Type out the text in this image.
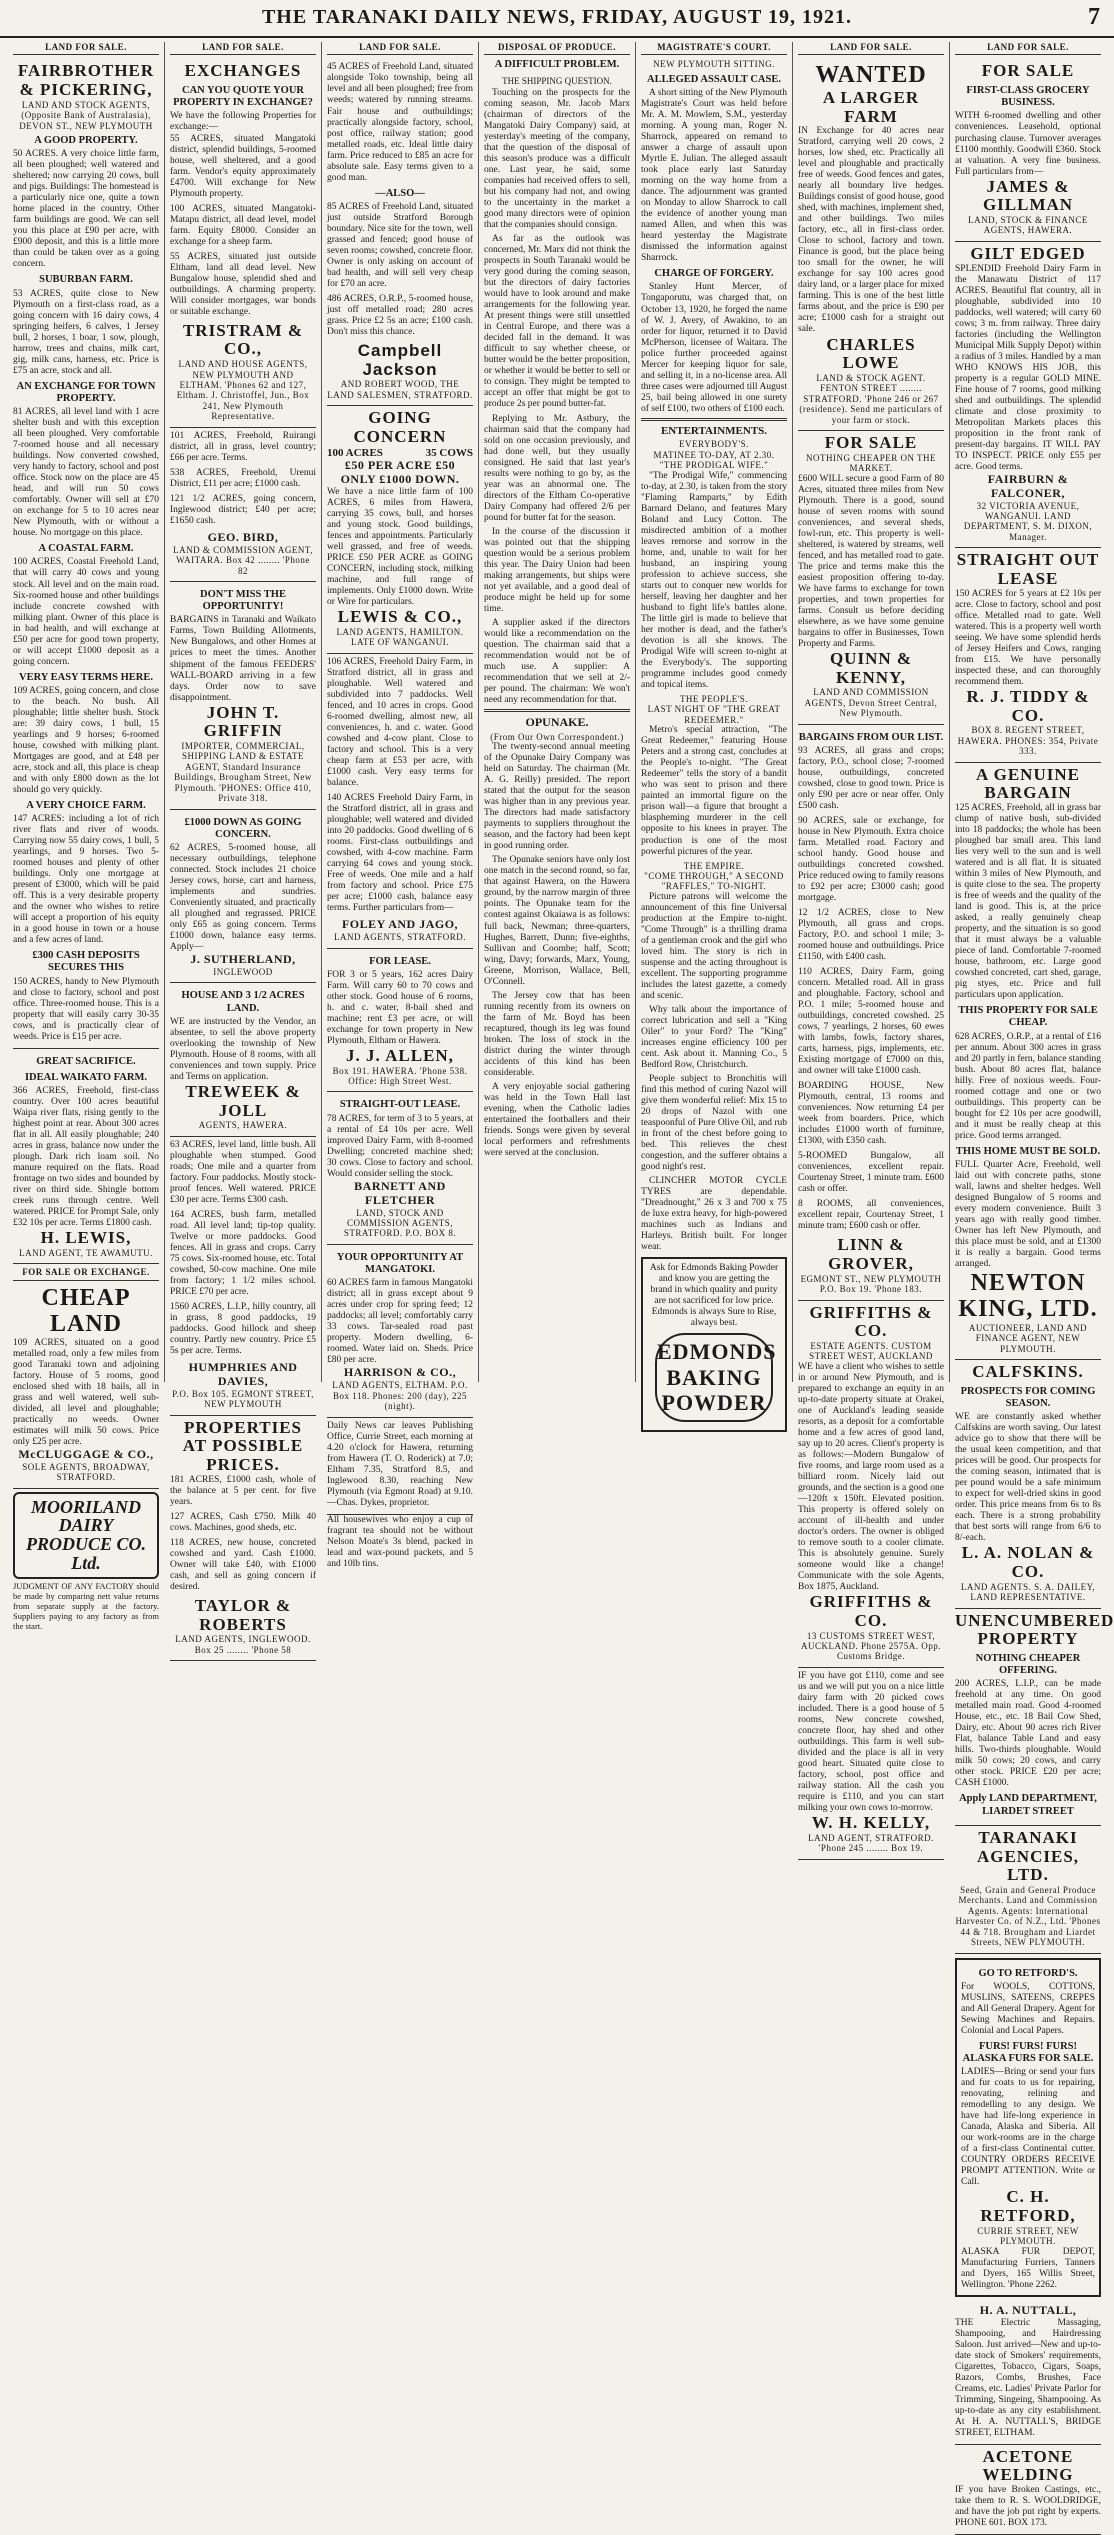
THE TARANAKI DAILY NEWS, FRIDAY, AUGUST 19, 1921.	7
LAND FOR SALE.
FAIRBROTHER & PICKERING,
LAND AND STOCK AGENTS, (Opposite Bank of Australasia), DEVON ST., NEW PLYMOUTH
A GOOD PROPERTY.
50 ACRES. A very choice little farm, all been ploughed; well watered and sheltered; now carrying 20 cows, bull and pigs. Buildings: The homestead is a particularly nice one, quite a town home placed in the country. Other farm buildings are good. We can sell you this place at £90 per acre, with £900 deposit, and this is a little more than could be taken over as a going concern.
SUBURBAN FARM.
53 ACRES, quite close to New Plymouth on a first-class road, as a going concern with 16 dairy cows, 4 springing heifers, 6 calves, 1 Jersey bull, 2 horses, 1 boar, 1 sow, plough, harrow, trees and chains, milk cart, gig, milk cans, harness, etc. Price is £75 an acre, stock and all.
AN EXCHANGE FOR TOWN PROPERTY.
81 ACRES, all level land with 1 acre shelter bush and with this exception all been ploughed. Very comfortable 7-roomed house and all necessary buildings. Now converted cowshed, very handy to factory, school and post office. Stock now on the place are 45 head, and will run 50 cows comfortably. Owner will sell at £70 on exchange for 5 to 10 acres near New Plymouth, with or without a house. No mortgage on this place.
A COASTAL FARM.
100 ACRES, Coastal Freehold Land, that will carry 40 cows and young stock. All level and on the main road. Six-roomed house and other buildings include concrete cowshed with milking plant. Owner of this place is in bad health, and will exchange at £50 per acre for good town property, or will accept £1000 deposit as a going concern.
VERY EASY TERMS HERE.
109 ACRES, going concern, and close to the beach. No bush. All ploughable; little shelter bush. Stock are: 39 dairy cows, 1 bull, 15 yearlings and 9 horses; 6-roomed house, cowshed with milking plant. Mortgages are good, and at £48 per acre, stock and all, this place is cheap and with only £800 down as the lot should go very quickly.
A VERY CHOICE FARM.
147 ACRES: including a lot of rich river flats and river of woods. Carrying now 55 dairy cows, 1 bull, 5 yearlings, and 9 horses. Two 5-roomed houses and plenty of other buildings. Only one mortgage at present of £3000, which will be paid off. This is a very desirable property and the owner who wishes to retire will accept a proportion of his equity in a good house in town or a house and a few acres of land.
£300 CASH DEPOSITS SECURES THIS
150 ACRES, handy to New Plymouth and close to factory, school and post office. Three-roomed house. This is a property that will easily carry 30-35 cows, and is practically clear of weeds. Price is £15 per acre.
GREAT SACRIFICE.
IDEAL WAIKATO FARM.
366 ACRES, Freehold, first-class country. Over 100 acres beautiful Waipa river flats, rising gently to the highest point at rear. About 300 acres flat in all. All easily ploughable; 240 acres in grass, balance now under the plough. Dark rich loam soil. No manure required on the flats. Road frontage on two sides and bounded by river on third side. Shingle bottom creek runs through centre. Well watered. PRICE for Prompt Sale, only £32 10s per acre. Terms £1800 cash.
H. LEWIS,
LAND AGENT, TE AWAMUTU.
FOR SALE OR EXCHANGE.
CHEAP LAND
109 ACRES, situated on a good metalled road, only a few miles from good Taranaki town and adjoining factory. House of 5 rooms, good enclosed shed with 18 bails, all in grass and well watered, well sub-divided, all level and ploughable; practically no weeds. Owner estimates will milk 50 cows. Price only £25 per acre.
McCLUGGAGE & CO.,
SOLE AGENTS, BROADWAY, STRATFORD.
MOORILAND DAIRY
PRODUCE CO. Ltd.
JUDGMENT OF ANY FACTORY should be made by comparing nett value returns from separate supply at the factory. Suppliers paying to any factory as from the start.
LAND FOR SALE.
EXCHANGES
CAN YOU QUOTE YOUR PROPERTY IN EXCHANGE?
We have the following Properties for exchange:—

55 ACRES, situated Mangatoki district, splendid buildings, 5-roomed house, well sheltered, and a good farm. Vendor's equity approximately £4700. Will exchange for New Plymouth property.

100 ACRES, situated Mangatoki-Matapu district, all dead level, model farm. Equity £8000. Consider an exchange for a sheep farm.

55 ACRES, situated just outside Eltham, land all dead level. New Bungalow house, splendid shed and outbuildings. A charming property. Will consider mortgages, war bonds or suitable exchange.

TRISTRAM & CO.,
LAND AND HOUSE AGENTS, NEW PLYMOUTH AND ELTHAM. 'Phones 62 and 127, Eltham. J. Christoffel, Jun., Box 241, New Plymouth Representative.

101 ACRES, Freehold, Ruirangi district, all in grass, level country; £66 per acre. Terms.

538 ACRES, Freehold, Urenui District, £11 per acre; £1000 cash.

121 1/2 ACRES, going concern, Inglewood district; £40 per acre; £1650 cash.

GEO. BIRD,
LAND & COMMISSION AGENT, WAITARA. Box 42 ........ 'Phone 82
DON'T MISS THE OPPORTUNITY!
BARGAINS in Taranaki and Waikato Farms, Town Building Allotments, New Bungalows, and other Homes at prices to meet the times. Another shipment of the famous FEEDERS' WALL-BOARD arriving in a few days. Order now to save disappointment.
JOHN T. GRIFFIN
IMPORTER, COMMERCIAL, SHIPPING LAND & ESTATE AGENT, Standard Insurance Buildings, Brougham Street, New Plymouth. 'PHONES: Office 410, Private 318.
£1000 DOWN AS GOING CONCERN.
62 ACRES, 5-roomed house, all necessary outbuildings, telephone connected. Stock includes 21 choice Jersey cows, horse, cart and harness, implements and sundries. Conveniently situated, and practically all ploughed and regrassed. PRICE only £65 as going concern. Terms £1000 down, balance easy terms. Apply—
J. SUTHERLAND,
INGLEWOOD
HOUSE AND 3 1/2 ACRES LAND.
WE are instructed by the Vendor, an absentee, to sell the above property overlooking the township of New Plymouth. House of 8 rooms, with all conveniences and town supply. Price and Terms on application.
TREWEEK & JOLL
AGENTS, HAWERA.

63 ACRES, level land, little bush. All ploughable when stumped. Good roads; One mile and a quarter from factory. Four paddocks. Mostly stock-proof fences. Well watered. PRICE £30 per acre. Terms £300 cash.

164 ACRES, bush farm, metalled road. All level land; tip-top quality. Twelve or more paddocks. Good fences. All in grass and crops. Carry 75 cows. Six-roomed house, etc. Total cowshed, 50-cow machine. One mile from factory; 1 1/2 miles school. PRICE £70 per acre.

1560 ACRES, L.I.P., hilly country, all in grass, 8 good paddocks, 19 paddocks. Good hillock and sheep country. Partly new country. Price £5 5s per acre. Terms.

HUMPHRIES AND DAVIES,
P.O. Box 105. EGMONT STREET, NEW PLYMOUTH
PROPERTIES AT POSSIBLE PRICES.

181 ACRES, £1000 cash, whole of the balance at 5 per cent. for five years.

127 ACRES, Cash £750. Milk 40 cows. Machines, good sheds, etc.

118 ACRES, new house, concreted cowshed and yard. Cash £1000. Owner will take £40, with £1000 cash, and sell as going concern if desired.

TAYLOR & ROBERTS
LAND AGENTS, INGLEWOOD. Box 25 ........ 'Phone 58
LAND FOR SALE.

45 ACRES of Freehold Land, situated alongside Toko township, being all level and all been ploughed; free from weeds; watered by running streams. Fair house and outbuildings; practically alongside factory, school, post office, railway station; good metalled roads, etc. Ideal little dairy farm. Price reduced to £85 an acre for absolute sale. Easy terms given to a good man.

—ALSO—

85 ACRES of Freehold Land, situated just outside Stratford Borough boundary. Nice site for the town, well grassed and fenced; good house of seven rooms; cowshed, concrete floor. Owner is only asking on account of bad health, and will sell very cheap for £70 an acre.

486 ACRES, O.R.P., 5-roomed house, just off metalled road; 280 acres grass. Price £2 5s an acre; £100 cash. Don't miss this chance.

Campbell Jackson
AND ROBERT WOOD, THE LAND SALESMEN, STRATFORD.
GOING CONCERN
100 ACRES	35 COWS
£50 PER ACRE £50
ONLY £1000 DOWN.
We have a nice little farm of 100 ACRES, 6 miles from Hawera, carrying 35 cows, bull, and horses and young stock. Good buildings, fences and appointments. Particularly well grassed, and free of weeds. PRICE £50 PER ACRE as GOING CONCERN, including stock, milking machine, and full range of implements. Only £1000 down. Write or Wire for particulars.
LEWIS & CO.,
LAND AGENTS, HAMILTON. LATE OF WANGANUI.

106 ACRES, Freehold Dairy Farm, in Stratford district, all in grass and ploughable. Well watered and subdivided into 7 paddocks. Well fenced, and 10 acres in crops. Good 6-roomed dwelling, almost new, all conveniences, h. and c. water. Good cowshed and 4-cow plant. Close to factory and school. This is a very cheap farm at £53 per acre, with £1000 cash. Very easy terms for balance.

140 ACRES Freehold Dairy Farm, in the Stratford district, all in grass and ploughable; well watered and divided into 20 paddocks. Good dwelling of 6 rooms. First-class outbuildings and cowshed, with 4-cow machine. Farm carrying 64 cows and young stock. Free of weeds. One mile and a half from factory and school. Price £75 per acre; £1000 cash, balance easy terms. Further particulars from—

FOLEY AND JAGO,
LAND AGENTS, STRATFORD.
FOR LEASE.
FOR 3 or 5 years, 162 acres Dairy Farm. Will carry 60 to 70 cows and other stock. Good house of 6 rooms, h. and c. water, 8-bail shed and machine; rent £3 per acre, or will exchange for town property in New Plymouth, Eltham or Hawera.
J. J. ALLEN,
Box 191. HAWERA. 'Phone 538. Office: High Street West.
STRAIGHT-OUT LEASE.
78 ACRES, for term of 3 to 5 years, at a rental of £4 10s per acre. Well improved Dairy Farm, with 8-roomed Dwelling; concreted machine shed; 30 cows. Close to factory and school. Would consider selling the stock.
BARNETT AND FLETCHER
LAND, STOCK AND COMMISSION AGENTS, STRATFORD. P.O. BOX 8.
YOUR OPPORTUNITY AT MANGATOKI.
60 ACRES farm in famous Mangatoki district; all in grass except about 9 acres under crop for spring feed; 12 paddocks; all level; comfortably carry 33 cows. Tar-sealed road past property. Modern dwelling, 6-roomed. Water laid on. Sheds. Price £80 per acre.
HARRISON & CO.,
LAND AGENTS, ELTHAM. P.O. Box 118. Phones: 200 (day), 225 (night).
Daily News car leaves Publishing Office, Currie Street, each morning at 4.20 o'clock for Hawera, returning from Hawera (T. O. Roderick) at 7.0; Eltham 7.35, Stratford 8.5, and Inglewood 8.30, reaching New Plymouth (via Egmont Road) at 9.10.—Chas. Dykes, proprietor.
All housewives who enjoy a cup of fragrant tea should not be without Nelson Moate's 3s blend, packed in lead and wax-pound packets, and 5 and 10lb tins.
DISPOSAL OF PRODUCE.
A DIFFICULT PROBLEM.
THE SHIPPING QUESTION.

Touching on the prospects for the coming season, Mr. Jacob Marx (chairman of directors of the Mangatoki Dairy Company) said, at yesterday's meeting of the company, that the question of the disposal of this season's produce was a difficult one. Last year, he said, some companies had received offers to sell, but his company had not, and owing to the uncertainty in the market a good many directors were of opinion that the companies should consign.

As far as the outlook was concerned, Mr. Marx did not think the prospects in South Taranaki would be very good during the coming season, but the directors of dairy factories would have to look around and make arrangements for the following year. At present things were still unsettled in Central Europe, and there was a decided fall in the demand. It was difficult to say whether cheese, or butter would be the better proposition, or whether it would be better to sell or to consign. They might be tempted to accept an offer that might be got to produce 2s per pound butter-fat.

Replying to Mr. Astbury, the chairman said that the company had sold on one occasion previously, and had done well, but they usually consigned. He said that last year's results were nothing to go by, as the year was an abnormal one. The directors of the Eltham Co-operative Dairy Company had offered 2/6 per pound for butter fat for the season.

In the course of the discussion it was pointed out that the shipping question would be a serious problem this year. The Dairy Union had been making arrangements, but ships were not yet available, and a good deal of produce might be held up for some time.

A supplier asked if the directors would like a recommendation on the question. The chairman said that a recommendation would not be of much use. A supplier: A recommendation that we sell at 2/- per pound. The chairman: We won't need any recommendation for that.

OPUNAKE.
(From Our Own Correspondent.)

The twenty-second annual meeting of the Opunake Dairy Company was held on Saturday. The chairman (Mr. A. G. Reilly) presided. The report stated that the output for the season was higher than in any previous year. The directors had made satisfactory payments to suppliers throughout the season, and the factory had been kept in good running order.

The Opunake seniors have only lost one match in the second round, so far, that against Hawera, on the Hawera ground, by the narrow margin of three points. The Opunake team for the contest against Okaiawa is as follows: full back, Newman; three-quarters, Hughes, Barrett, Dunn; five-eighths, Sullivan and Coombe; half, Scott; wing, Davy; forwards, Marx, Young, Greene, Morrison, Wallace, Bell, O'Connell.

The Jersey cow that has been running recently from its owners on the farm of Mr. Boyd has been recaptured, though its leg was found broken. The loss of stock in the district during the winter through accidents of this kind has been considerable.

A very enjoyable social gathering was held in the Town Hall last evening, when the Catholic ladies entertained the footballers and their friends. Songs were given by several local performers and refreshments were served at the conclusion.

MAGISTRATE'S COURT.
NEW PLYMOUTH SITTING.
ALLEGED ASSAULT CASE.

A short sitting of the New Plymouth Magistrate's Court was held before Mr. A. M. Mowlem, S.M., yesterday morning. A young man, Roger N. Sharrock, appeared on remand to answer a charge of assault upon Myrtle E. Julian. The alleged assault took place early last Saturday morning on the way home from a dance. The adjournment was granted on Monday to allow Sharrock to call the evidence of another young man named Allen, and when this was heard yesterday the Magistrate dismissed the information against Sharrock.

CHARGE OF FORGERY.

Stanley Hunt Mercer, of Tongaporutu, was charged that, on October 13, 1920, he forged the name of W. J. Avery, of Awakino, to an order for liquor, returned it to David McPherson, licensee of Waitara. The police further proceeded against Mercer for keeping liquor for sale, and selling it, in a no-license area. All three cases were adjourned till August 25, bail being allowed in one surety of self £100, two others of £100 each.

ENTERTAINMENTS.
EVERYBODY'S.
MATINEE TO-DAY, AT 2.30.
"THE PRODIGAL WIFE."

"The Prodigal Wife," commencing to-day, at 2.30, is taken from the story "Flaming Ramparts," by Edith Barnard Delano, and features Mary Boland and Lucy Cotton. The misdirected ambition of a mother leaves remorse and sorrow in the home, and, unable to wait for her husband, an inspiring young profession to achieve success, she starts out to conquer new worlds for herself, leaving her daughter and her husband to fight life's battles alone. The little girl is made to believe that her mother is dead, and the father's devotion is all she knows. The Prodigal Wife will screen to-night at the Everybody's. The supporting programme includes good comedy and topical items.

THE PEOPLE'S.
LAST NIGHT OF "THE GREAT REDEEMER."

Metro's special attraction, "The Great Redeemer," featuring House Peters and a strong cast, concludes at the People's to-night. "The Great Redeemer" tells the story of a bandit who was sent to prison and there painted an immortal figure on the prison wall—a figure that brought a blaspheming murderer in the cell opposite to his knees in prayer. The production is one of the most powerful pictures of the year.

THE EMPIRE.
"COME THROUGH," A SECOND "RAFFLES," TO-NIGHT.

Picture patrons will welcome the announcement of this fine Universal production at the Empire to-night. "Come Through" is a thrilling drama of a gentleman crook and the girl who loved him. The story is rich in suspense and the acting throughout is excellent. The supporting programme includes the latest gazette, a comedy and scenic.

Why talk about the importance of correct lubrication and sell a "King Oiler" to your Ford? The "King" increases engine efficiency 100 per cent. Ask about it. Manning Co., 5 Bedford Row, Christchurch.

People subject to Bronchitis will find this method of curing Nazol will give them wonderful relief: Mix 15 to 20 drops of Nazol with one teaspoonful of Pure Olive Oil, and rub in front of the chest before going to bed. This relieves the chest congestion, and the sufferer obtains a good night's rest.

CLINCHER MOTOR CYCLE TYRES are dependable. "Dreadnought," 26 x 3 and 700 x 75 de luxe extra heavy, for high-powered machines such as Indians and Harleys. British built. For longer wear.

Ask for Edmonds Baking Powder and know you are getting the brand in which quality and purity are not sacrificed for low price. Edmonds is always Sure to Rise, always best.
EDMONDS BAKING POWDER
LAND FOR SALE.
WANTED
A LARGER FARM
IN Exchange for 40 acres near Stratford, carrying well 20 cows, 2 horses, low shed, etc. Practically all level and ploughable and practically free of weeds. Good fences and gates, nearly all boundary live hedges. Buildings consist of good house, good shed, with machines, implement shed, and other buildings. Two miles factory, etc., all in first-class order. Close to school, factory and town. Finance is good, but the place being too small for the owner, he will exchange for say 100 acres good dairy land, or a larger place for mixed farming. This is one of the best little farms about, and the price is £90 per acre; £1000 cash for a straight out sale.
CHARLES LOWE
LAND & STOCK AGENT. FENTON STREET ........ STRATFORD. 'Phone 246 or 267 (residence). Send me particulars of your farm or stock.
FOR SALE
NOTHING CHEAPER ON THE MARKET.
£600 WILL secure a good Farm of 80 Acres, situated three miles from New Plymouth. There is a good, sound house of seven rooms with sound conveniences, and several sheds, fowl-run, etc. This property is well-sheltered, is watered by streams, well fenced, and has metalled road to gate. The price and terms make this the easiest proposition offering to-day. We have farms to exchange for town properties, and town properties for farms. Consult us before deciding elsewhere, as we have some genuine bargains to offer in Businesses, Town Property and Farms.
QUINN & KENNY,
LAND AND COMMISSION AGENTS, Devon Street Central, New Plymouth.
BARGAINS FROM OUR LIST.

93 ACRES, all grass and crops; factory, P.O., school close; 7-roomed house, outbuildings, concreted cowshed, close to good town. Price is only £90 per acre or near offer. Only £500 cash.

90 ACRES, sale or exchange, for house in New Plymouth. Extra choice farm. Metalled road. Factory and school handy. Good house and outbuildings concreted cowshed. Price reduced owing to family reasons to £92 per acre; £3000 cash; good mortgage.

12 1/2 ACRES, close to New Plymouth, all grass and crops. Factory, P.O. and school 1 mile; 3-roomed house and outbuildings. Price £1150, with £400 cash.

110 ACRES, Dairy Farm, going concern. Metalled road. All in grass and ploughable. Factory, school and P.O. 1 mile; 5-roomed house and outbuildings, concreted cowshed. 25 cows, 7 yearlings, 2 horses, 60 ewes with lambs, fowls, factory shares, carts, harness, pigs, implements, etc. Existing mortgage of £7000 on this, and owner will take £1000 cash.

BOARDING HOUSE, New Plymouth, central, 13 rooms and conveniences. Now returning £4 per week from boarders. Price, which includes £1000 worth of furniture, £1300, with £350 cash.

5-ROOMED Bungalow, all conveniences, excellent repair. Courtenay Street, 1 minute tram. £600 cash or offer.

8 ROOMS, all conveniences, excellent repair, Courtenay Street, 1 minute tram; £600 cash or offer.

LINN & GROVER,
EGMONT ST., NEW PLYMOUTH P.O. Box 19. 'Phone 183.
GRIFFITHS & CO.
ESTATE AGENTS. CUSTOM STREET WEST, AUCKLAND
WE have a client who wishes to settle in or around New Plymouth, and is prepared to exchange an equity in an up-to-date property situate at Orakei, one of Auckland's leading seaside resorts, as a deposit for a comfortable home and a few acres of good land, say up to 20 acres. Client's property is as follows:—Modern Bungalow of five rooms, and large room used as a billiard room. Nicely laid out grounds, and the section is a good one—120ft x 150ft. Elevated position. This property is offered solely on account of ill-health and under doctor's orders. The owner is obliged to remove south to a cooler climate. This is absolutely genuine. Surely someone would like a change! Communicate with the sole Agents, Box 1875, Auckland.
GRIFFITHS & CO.
13 CUSTOMS STREET WEST, AUCKLAND. Phone 2575A. Opp. Customs Bridge.
IF you have got £110, come and see us and we will put you on a nice little dairy farm with 20 picked cows included. There is a good house of 5 rooms, New concrete cowshed, concrete floor, hay shed and other outbuildings. This farm is well sub-divided and the place is all in very good heart. Situated quite close to factory, school, post office and railway station. All the cash you require is £110, and you can start milking your own cows to-morrow.
W. H. KELLY,
LAND AGENT, STRATFORD. 'Phone 245 ........ Box 19.
LAND FOR SALE.
FOR SALE
FIRST-CLASS GROCERY BUSINESS.
WITH 6-roomed dwelling and other conveniences. Leasehold, optional purchasing clause. Turnover averages £1100 monthly. Goodwill £360. Stock at valuation. A very fine business. Full particulars from—
JAMES & GILLMAN
LAND, STOCK & FINANCE AGENTS, HAWERA.
GILT EDGED
SPLENDID Freehold Dairy Farm in the Manawatu District of 117 ACRES. Beautiful flat country, all in ploughable, subdivided into 10 paddocks, well watered; will carry 60 cows; 3 m. from railway. Three dairy factories (including the Wellington Municipal Milk Supply Depot) within a radius of 3 miles. Handled by a man WHO KNOWS HIS JOB, this property is a regular GOLD MINE. Fine house of 7 rooms, good milking shed and outbuildings. The splendid climate and close proximity to Metropolitan Markets places this proposition in the front rank of present-day bargains. IT WILL PAY TO INSPECT. PRICE only £55 per acre. Good terms.
FAIRBURN & FALCONER,
32 VICTORIA AVENUE, WANGANUI. LAND DEPARTMENT, S. M. DIXON, Manager.
STRAIGHT OUT LEASE
150 ACRES for 5 years at £2 10s per acre. Close to factory, school and post office. Metalled road to gate. Well watered. This is a property well worth seeing. We have some splendid herds of Jersey Heifers and Cows, ranging from £15. We have personally inspected these, and can thoroughly recommend them.
R. J. TIDDY & CO.
BOX 8. REGENT STREET, HAWERA. PHONES: 354, Private 333.
A GENUINE BARGAIN
125 ACRES, Freehold, all in grass bar clump of native bush, sub-divided into 18 paddocks; the whole has been ploughed bar small area. This land lies very well to the sun and is well watered and is all flat. It is situated within 3 miles of New Plymouth, and is quite close to the sea. The property is free of weeds and the quality of the land is good. This is, at the price asked, a really genuinely cheap property, and the situation is so good that it must always be a valuable piece of land. Comfortable 7-roomed house, bathroom, etc. Large good cowshed concreted, cart shed, garage, pig styes, etc. Price and full particulars upon application.
THIS PROPERTY FOR SALE CHEAP.
628 ACRES, O.R.P., at a rental of £16 per annum. About 300 acres in grass and 20 partly in fern, balance standing bush. About 80 acres flat, balance hilly. Free of noxious weeds. Four-roomed cottage and one or two outbuildings. This property can be bought for £2 10s per acre goodwill, and it must be really cheap at this price. Good terms arranged.
THIS HOME MUST BE SOLD.
FULL Quarter Acre, Freehold, well laid out with concrete paths, stone wall, lawns and shelter hedges. Well designed Bungalow of 5 rooms and every modern convenience. Built 3 years ago with really good timber. Owner has left New Plymouth, and this place must be sold, and at £1300 it is really a bargain. Good terms arranged.
NEWTON KING, LTD.
AUCTIONEER, LAND AND FINANCE AGENT, NEW PLYMOUTH.
CALFSKINS.
PROSPECTS FOR COMING SEASON.
WE are constantly asked whether Calfskins are worth saving. Our latest advice go to show that there will be the usual keen competition, and that prices will be good. Our prospects for the coming season, intimated that is per pound would be a safe minimum to expect for well-dried skins in good order. This price means from 6s to 8s each. There is a strong probability that best sorts will range from 6/6 to 8/-each.
L. A. NOLAN & CO.
LAND AGENTS. S. A. DAILEY, LAND REPRESENTATIVE.
UNENCUMBERED PROPERTY
NOTHING CHEAPER OFFERING.
200 ACRES, L.I.P., can be made freehold at any time. On good metalled main road. Good 4-roomed House, etc., etc. 18 Bail Cow Shed, Dairy, etc. About 90 acres rich River Flat, balance Table Land and easy hills. Two-thirds ploughable. Would milk 50 cows; 20 cows, and carry other stock. PRICE £20 per acre; CASH £1000.
Apply LAND DEPARTMENT, LIARDET STREET
TARANAKI AGENCIES, LTD.
Seed, Grain and General Produce Merchants. Land and Commission Agents. Agents: International Harvester Co. of N.Z., Ltd. 'Phones 44 & 718. Brougham and Liardet Streets, NEW PLYMOUTH.
GO TO RETFORD'S.
For WOOLS, COTTONS, MUSLINS, SATEENS, CREPES and All General Drapery. Agent for Sewing Machines and Repairs. Colonial and Local Papers.
FURS! FURS! FURS! ALASKA FURS FOR SALE.
LADIES—Bring or send your furs and fur coats to us for repairing, renovating, relining and remodelling to any design. We have had life-long experience in Canada, Alaska and Siberia. All our work-rooms are in the charge of a first-class Continental cutter. COUNTRY ORDERS RECEIVE PROMPT ATTENTION. Write or Call.
C. H. RETFORD,
CURRIE STREET, NEW PLYMOUTH.
ALASKA FUR DEPOT, Manufacturing Furriers, Tanners and Dyers, 165 Willis Street, Wellington. 'Phone 2262.
H. A. NUTTALL,
THE Electric Massaging, Shampooing, and Hairdressing Saloon. Just arrived—New and up-to-date stock of Smokers' requirements, Cigarettes, Tobacco, Cigars, Soaps, Razors, Combs, Brushes, Face Creams, etc. Ladies' Private Parlor for Trimming, Singeing, Shampooing. As up-to-date as any city establishment. At H. A. NUTTALL'S, BRIDGE STREET, ELTHAM.
ACETONE WELDING
IF you have Broken Castings, etc., take them to R. S. WOOLDRIDGE, and have the job put right by experts. PHONE 601. BOX 173.
